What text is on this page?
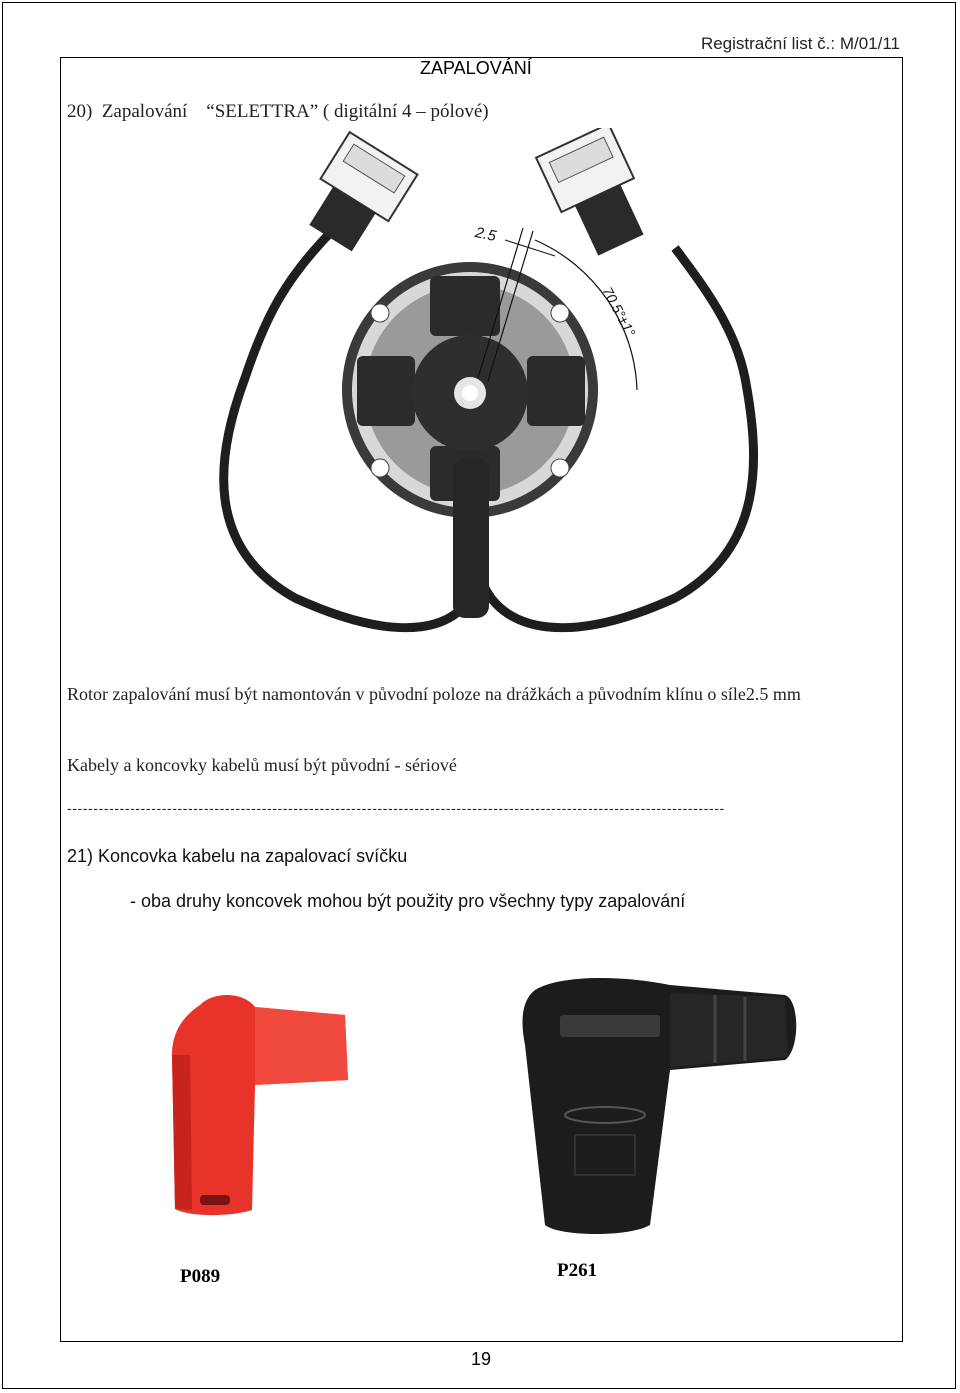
Registrační list č.: M/01/11
ZAPALOVÁNÍ
20)  Zapalování    “SELETTRA” ( digitální 4 – pólové)
2.5
70.5°±1°
Rotor zapalování musí být namontován v původní poloze na drážkách a původním klínu o síle2.5 mm
Kabely a koncovky kabelů musí být původní - sériové
-----------------------------------------------------------------------------------------------------------------------------
21) Koncovka kabelu na zapalovací svíčku
- oba druhy koncovek mohou být použity pro všechny typy zapalování
P089	P261
19
